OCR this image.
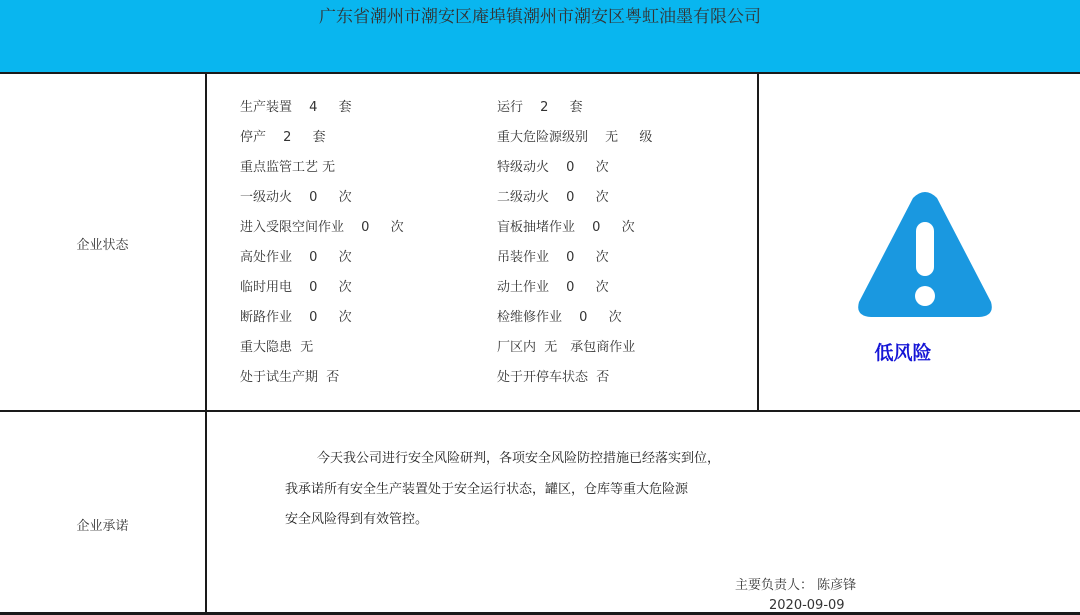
广东省潮州市潮安区庵埠镇潮州市潮安区粤虹油墨有限公司
企业状态
生产装置　 4　  套
停产　 2　  套
重点监管工艺 无
一级动火　 0　  次
进入受限空间作业　 0　  次
高处作业　 0　  次
临时用电　 0　  次
断路作业　 0　  次
重大隐患  无
处于试生产期  否
运行　 2　  套
重大危险源级别　 无　  级
特级动火　 0　  次
二级动火　 0　  次
盲板抽堵作业　 0　  次
吊装作业　 0　  次
动土作业　 0　  次
检维修作业　 0　  次
厂区内  无　承包商作业
处于开停车状态  否
低风险
企业承诺
今天我公司进行安全风险研判，各项安全风险防控措施已经落实到位，
我承诺所有安全生产装置处于安全运行状态，罐区，仓库等重大危险源
安全风险得到有效管控。
主要负责人： 陈彦锋
2020-09-09
